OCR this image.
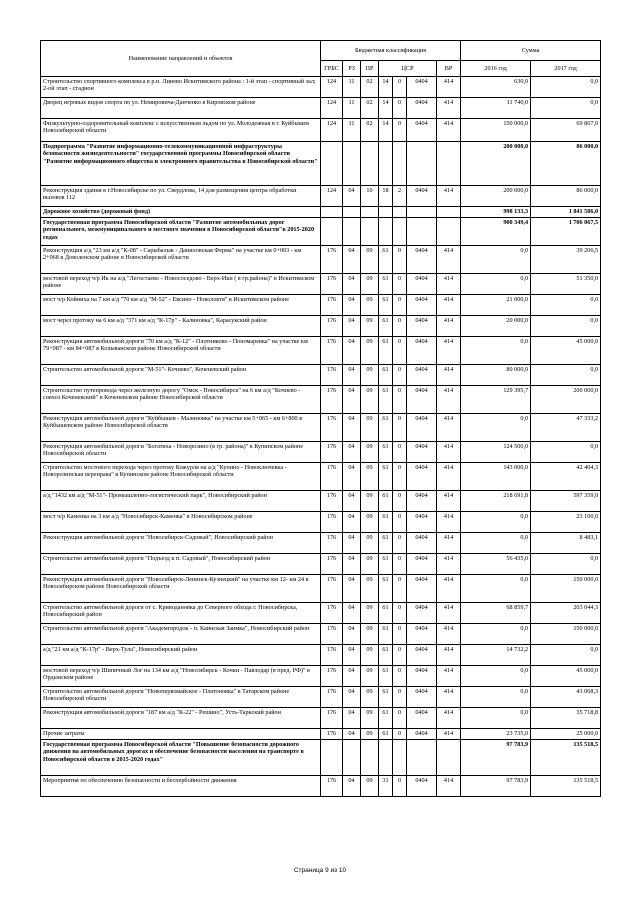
Наименование направлений и объектов	Бюджетная классификация							Сумма	
	ГРБС	РЗ	ПР	ЦСР			ВР	2016 год	2017 год
Строительство спортивного комплекса в р.п. Линево Искитимского района : 1-й этап - спортивный зал; 2-ой этап - стадион	124	11	02	14	0	0404	414	630,0	0,0
Дворец игровых видов спорта по ул. Немировича-Данченко в Кировском районе	124	11	02	14	0	0404	414	11 740,0	0,0
Физкультурно-оздоровительный комплекс с искусственным льдом по ул. Молодежная в г. Куйбышев Новосибирской области	124	11	02	14	0	0404	414	150 000,0	69 867,0
Подпрограмма "Развитие информационно-телекоммуникационной инфраструктуры безопасности жизнедеятельности" государственной программы Новосибирской области "Развитие информационного общества и электронного правительства в Новосибирской области"								200 000,0	86 000,0
Реконструкция здания в г.Новосибирске по ул. Свердлова, 14 для размещения центра обработки вызовов 112	124	04	10	18	2	0404	414	200 000,0	86 000,0
Дорожное хозяйство (дорожный фонд)								998 133,3	1 841 586,0
Государственная программа Новосибирской области "Развитие автомобильных дорог регионального, межмуниципального и местного значения в Новосибирской области"в 2015-2020 годах								900 349,4	1 706 067,5
Реконструкция а/д "23 км а/д "К-08" - Сарыбалык - Даниловская Ферма" на участке км 0+003 - км 2+068 в Доволенском районе в Новосибирской области	176	04	09	61	0	0404	414	0,0	39 206,5
мостовой переход ч/р Ик на а/д "Легостаево - Новососедово - Верх-Ики ( в гр.района)" в Искитимском районе	176	04	09	61	0	0404	414	0,0	51 350,0
мост ч/р Койниха на 7 км а/д "70 км а/д "М-52" - Евсино - Новолоктя" в Искитимском районе	176	04	09	61	0	0404	414	21 000,0	0,0
мост через протоку на 6 км а/д "371 км а/д "К-17р" - Калиновка", Карасукский район	176	04	09	61	0	0404	414	20 000,0	0,0
Реконструкция автомобильной дороги "70 км а/д "К-12" - Плотниково - Пономаревка" на участке км 79+087 - км 84+087 в Колыванском районе Новосибирской области	176	04	09	61	0	0404	414	0,0	45 000,0
Строительство автомобильной дороги "М-51"- Кочнево", Коченевский район	176	04	09	61	0	0404	414	80 000,0	0,0
Строительство путепровода через железную дорогу "Омск - Новосибирск" на 6 км а/д "Кочнево - совхоз Коченевский" в Коченевском районе Новосибирской области	176	04	09	61	0	0404	414	129 395,7	200 000,0
Реконструкция автомобильной дороги "Куйбышев - Малиновка" на участке км 5+065 - км 6+800 в Куйбышевском районе Новосибирской области	176	04	09	61	0	0404	414	0,0	47 333,2
Реконструкция автомобильной дороги "Богатиха - Новорозино (в гр. района)" в Купинском районе Новосибирской области	176	04	09	61	0	0404	414	124 500,0	0,0
Строительство мостового перехода через протоку Кожурля на а/д "Купино - Новоключевка - Новорозинская переправа" в Купинском районе Новосибирской области	176	04	09	61	0	0404	414	143 000,0	42 404,3
а/д "1432 км а/д "М-51"- Промышленно-логистический парк", Новосибирский район	176	04	09	61	0	0404	414	218 691,8	597 359,0
мост ч/р Каменка на 3 км а/д "Новосибирск-Каменка" в Новосибирском районе	176	04	09	61	0	0404	414	0,0	23 100,0
Реконструкция автомобильной дороги "Новосибирск-Садовый", Новосибирский район	176	04	09	61	0	0404	414	0,0	8 483,1
Строительство автомобильной дороги "Подъезд к п. Садовый", Новосибирский район	176	04	09	61	0	0404	414	56 435,0	0,0
Реконструкция автомобильной дороги "Новосибирск-Ленинск-Кузнецкий" на участке км 12- км 24 в Новосибирском районе Новосибирской области	176	04	09	61	0	0404	414	0,0	150 000,0
Строительство автомобильной дороги от с. Криводановка до Северного обхода г. Новосибирска, Новосибирский район	176	04	09	61	0	0404	414	68 859,7	203 044,3
Строительство автомобильной дороги "Академгородок - п. Каинская Заимка", Новосибирский район	176	04	09	61	0	0404	414	0,0	150 000,0
а/д "21 км а/д "К-17р" - Верх-Тула", Новосибирский район	176	04	09	61	0	0404	414	14 732,2	0,0
мостовой переход ч/р Шипичный Лог на 134 км а/д "Новосибирск - Кочки - Павлодар (в пред. РФ)" в Ордынском районе	176	04	09	61	0	0404	414	0,0	45 000,0
Строительство автомобильной дороги "Новопервомайское - Платоновка" в Татарском районе Новосибирской области	176	04	09	61	0	0404	414	0,0	43 068,3
Реконструкция автомобильной дороги "187 км а/д "К-22" - Решино", Усть-Таркский район	176	04	09	61	0	0404	414	0,0	35 718,8
Прочие затраты	176	04	09	61	0	0404	414	23 735,0	25 000,0
Государственная программа Новосибирской области "Повышение безопасности дорожного движения на автомобильных дорогах и обеспечение безопасности населения на транспорте в Новосибирской области в 2015-2020 годах"								97 783,9	135 518,5
Мероприятия по обеспечению безопасности и беспербойности движения	176	04	09	31	0	0404	414	97 783,9	135 518,5
Страница 9 из 10
